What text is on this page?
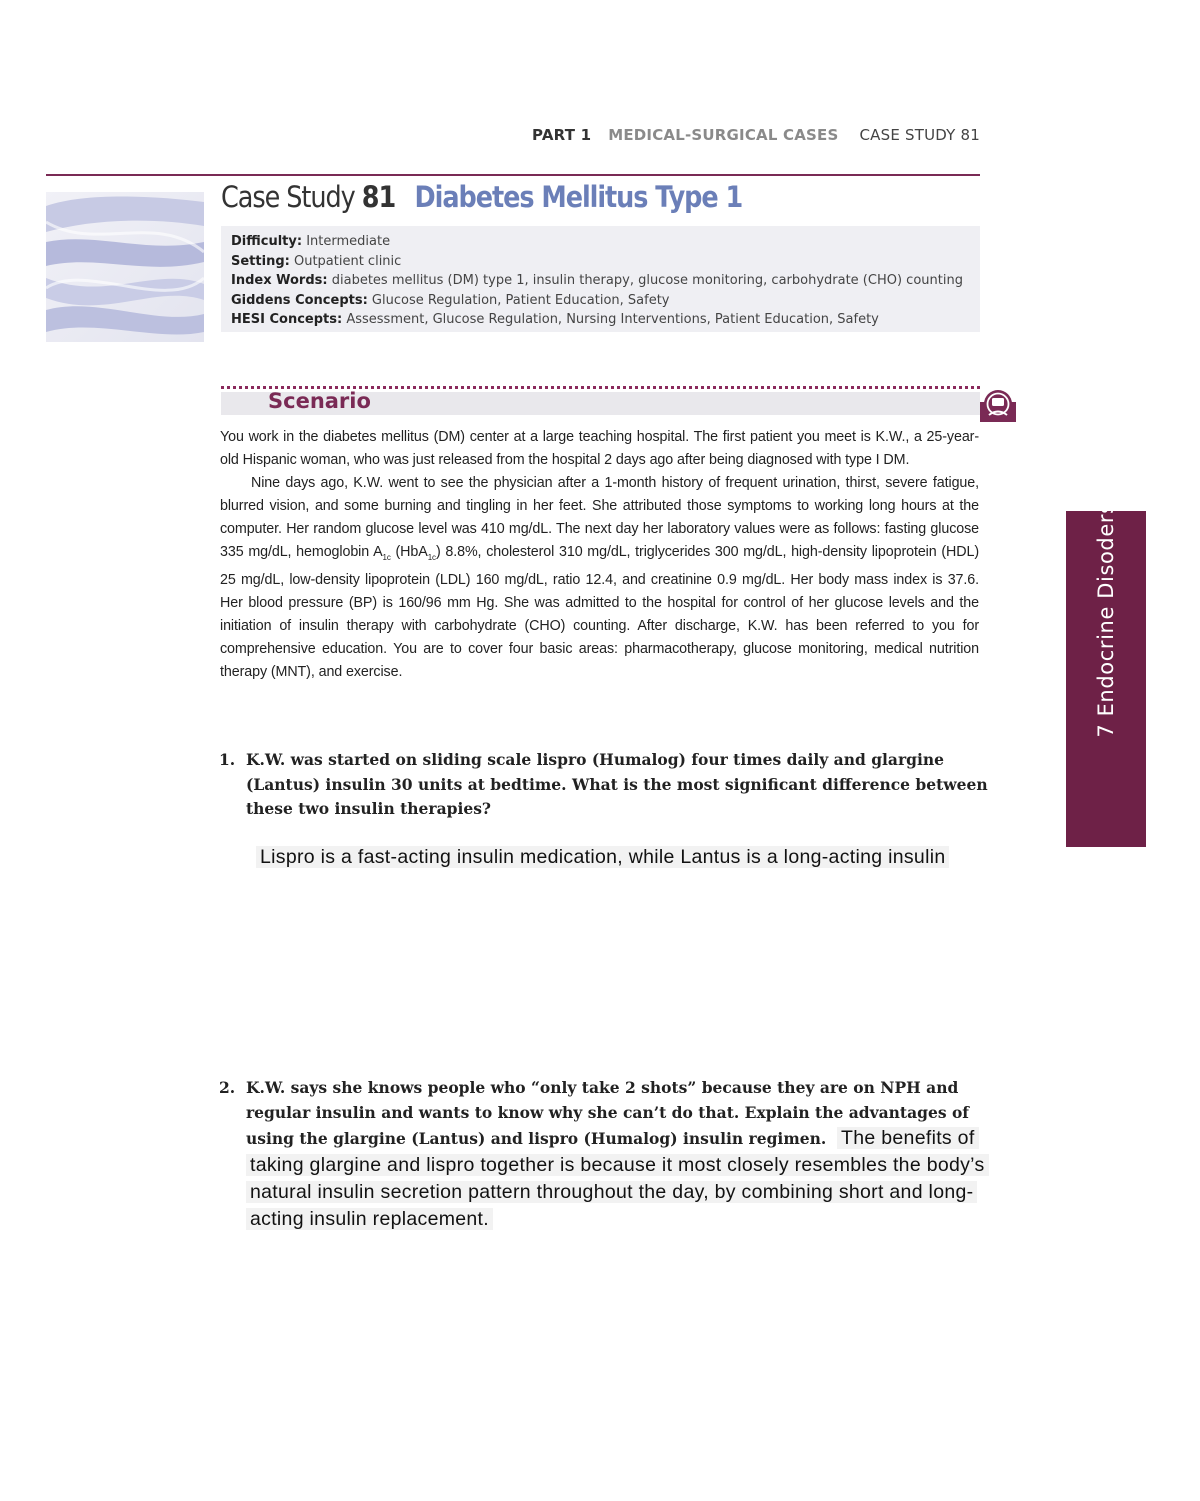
PART 1 MEDICAL-SURGICAL CASES CASE STUDY 81
Case Study 81 Diabetes Mellitus Type 1
Difficulty: Intermediate
Setting: Outpatient clinic
Index Words: diabetes mellitus (DM) type 1, insulin therapy, glucose monitoring, carbohydrate (CHO) counting
Giddens Concepts: Glucose Regulation, Patient Education, Safety
HESI Concepts: Assessment, Glucose Regulation, Nursing Interventions, Patient Education, Safety
Scenario

You work in the diabetes mellitus (DM) center at a large teaching hospital. The first patient you meet is K.W., a 25-year-old Hispanic woman, who was just released from the hospital 2 days ago after being diagnosed with type I DM.

Nine days ago, K.W. went to see the physician after a 1-month history of frequent urination, thirst, severe fatigue, blurred vision, and some burning and tingling in her feet. She attributed those symptoms to working long hours at the computer. Her random glucose level was 410 mg/dL. The next day her laboratory values were as follows: fasting glucose 335 mg/dL, hemoglobin $A_{1c}$ (HbA$_{1c}$) 8.8%, cholesterol 310 mg/dL, triglycerides 300 mg/dL, high-density lipoprotein (HDL) 25 mg/dL, low-density lipoprotein (LDL) 160 mg/dL, ratio 12.4, and creatinine 0.9 mg/dL. Her body mass index is 37.6. Her blood pressure (BP) is 160/96 mm Hg. She was admitted to the hospital for control of her glucose levels and the initiation of insulin therapy with carbohydrate (CHO) counting. After discharge, K.W. has been referred to you for comprehensive education. You are to cover four basic areas: pharmacotherapy, glucose monitoring, medical nutrition therapy (MNT), and exercise.

1. K.W. was started on sliding scale lispro (Humalog) four times daily and glargine (Lantus) insulin 30 units at bedtime. What is the most significant difference between these two insulin therapies?
Lispro is a fast-acting insulin medication, while Lantus is a long-acting insulin
2. K.W. says she knows people who “only take 2 shots” because they are on NPH and regular insulin and wants to know why she can’t do that. Explain the advantages of using the glargine (Lantus) and lispro (Humalog) insulin regimen. The benefits of taking glargine and lispro together is because it most closely resembles the body’s natural insulin secretion pattern throughout the day, by combining short and long-acting insulin replacement.
7 Endocrine Disoders
